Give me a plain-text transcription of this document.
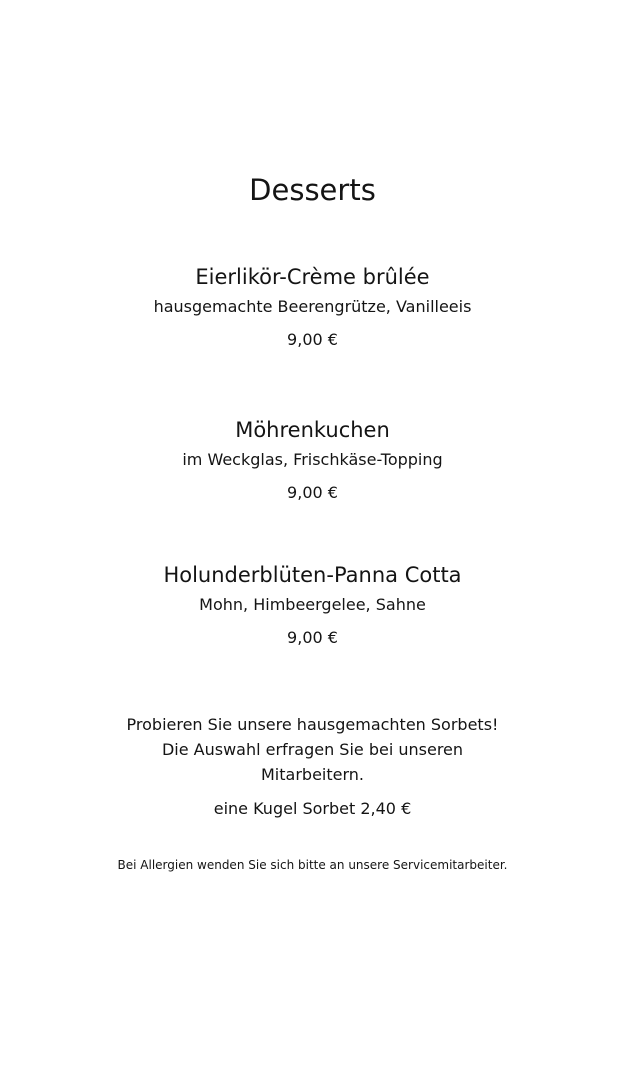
Desserts

Eierlikör-Crème brûlée

hausgemachte Beerengrütze, Vanilleeis

9,00 €

Möhrenkuchen

im Weckglas, Frischkäse-Topping

9,00 €

Holunderblüten-Panna Cotta

Mohn, Himbeergelee, Sahne

9,00 €

Probieren Sie unsere hausgemachten Sorbets!
Die Auswahl erfragen Sie bei unseren
Mitarbeitern.

eine Kugel Sorbet 2,40 €

Bei Allergien wenden Sie sich bitte an unsere Servicemitarbeiter.
